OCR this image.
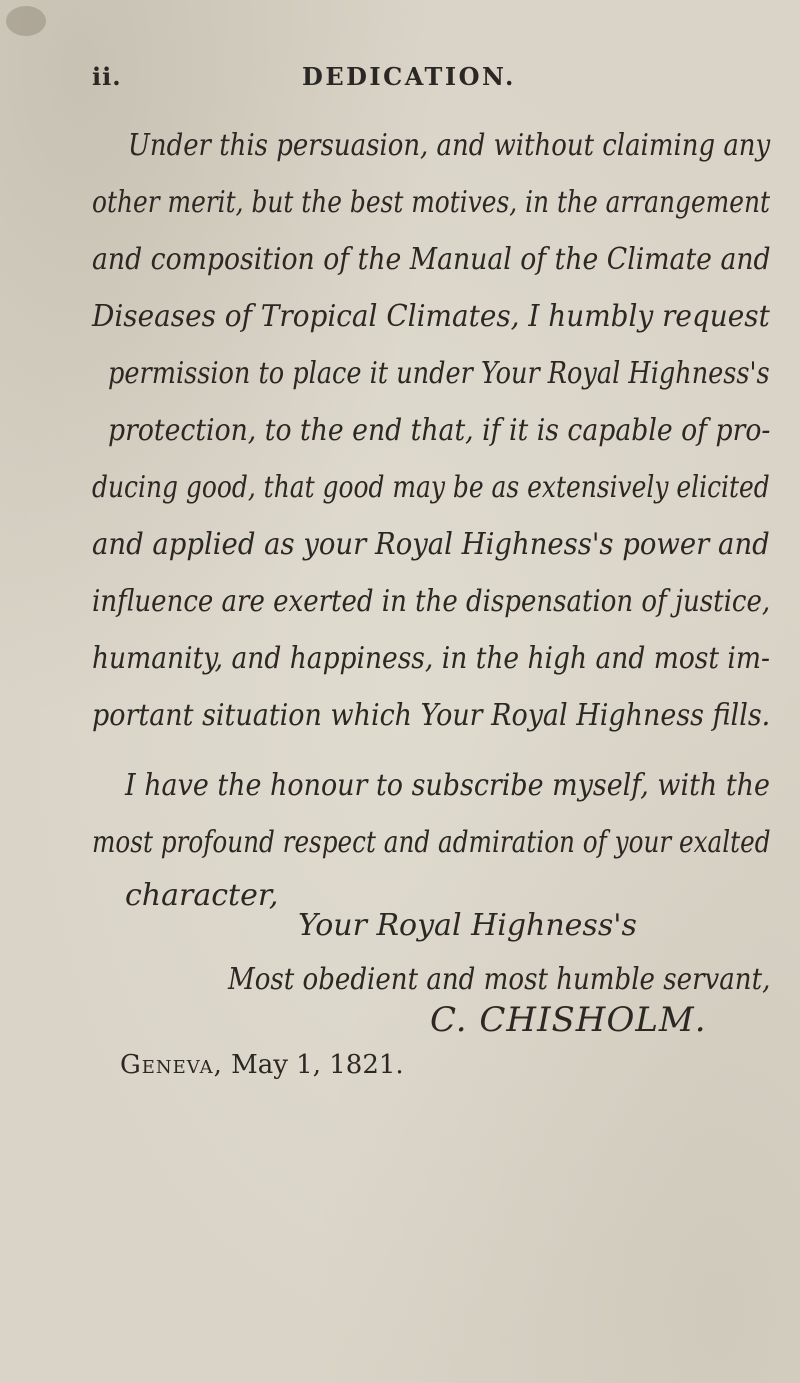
ii.	DEDICATION.
Under this persuasion, and without claiming any
other merit, but the best motives, in the arrangement
and composition of the Manual of the Climate and
Diseases of Tropical Climates, I humbly request
permission to place it under Your Royal Highness's
protection, to the end that, if it is capable of pro-
ducing good, that good may be as extensively elicited
and applied as your Royal Highness's power and
influence are exerted in the dispensation of justice,
humanity, and happiness, in the high and most im-
portant situation which Your Royal Highness fills.
I have the honour to subscribe myself, with the
most profound respect and admiration of your exalted
character,
Your Royal Highness's
Most obedient and most humble servant,
C. CHISHOLM.
Geneva, May 1, 1821.
